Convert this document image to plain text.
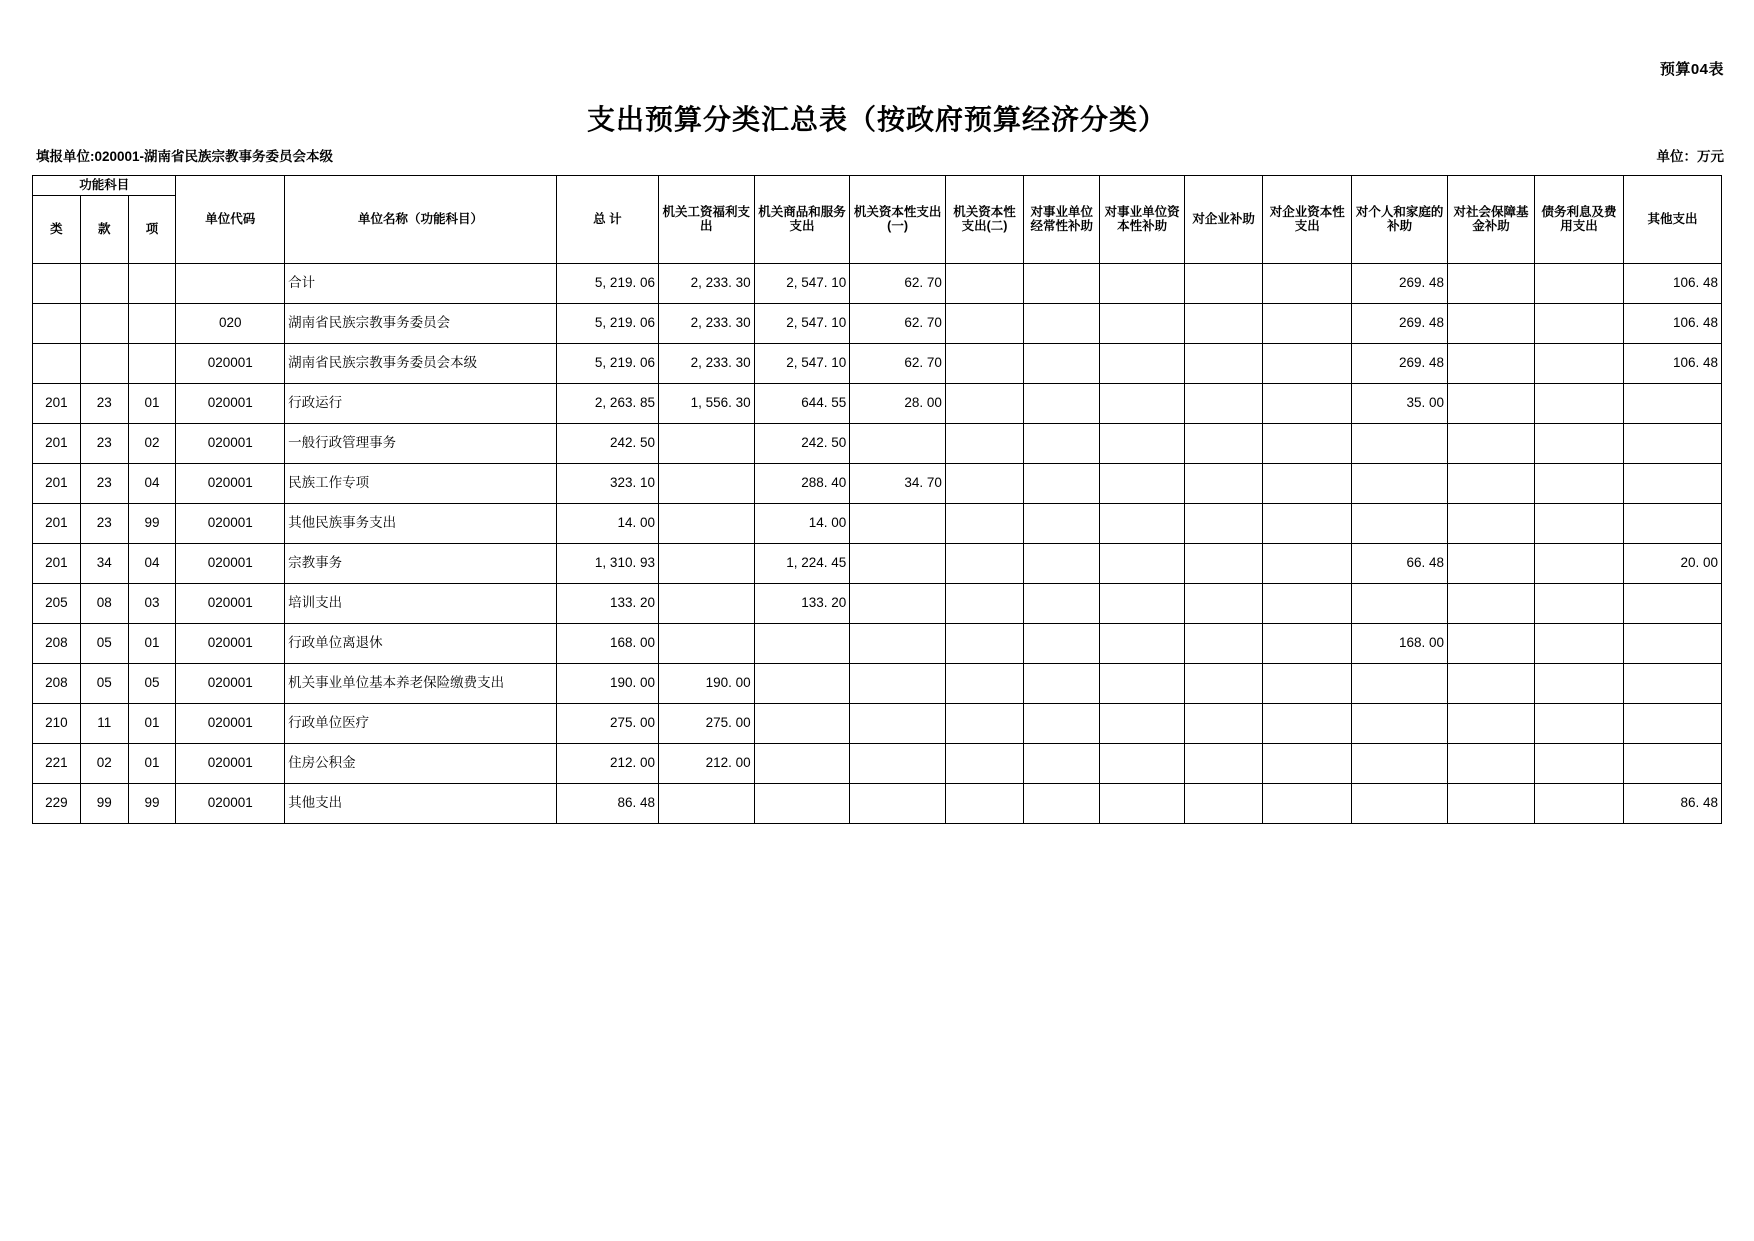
预算04表
支出预算分类汇总表（按政府预算经济分类）
填报单位:020001-湖南省民族宗教事务委员会本级	单位：万元
功能科目			单位代码	单位名称（功能科目）	总 计	机关工资福利支出	机关商品和服务支出	机关资本性支出(一)	机关资本性支出(二)	对事业单位经常性补助	对事业单位资本性补助	对企业补助	对企业资本性支出	对个人和家庭的补助	对社会保障基金补助	债务利息及费用支出	其他支出
类	款	项															
				合计	5, 219. 06	2, 233. 30	2, 547. 10	62. 70						269. 48			106. 48
			020	湖南省民族宗教事务委员会	5, 219. 06	2, 233. 30	2, 547. 10	62. 70						269. 48			106. 48
			020001	湖南省民族宗教事务委员会本级	5, 219. 06	2, 233. 30	2, 547. 10	62. 70						269. 48			106. 48
201	23	01	020001	行政运行	2, 263. 85	1, 556. 30	644. 55	28. 00						35. 00			
201	23	02	020001	一般行政管理事务	242. 50		242. 50										
201	23	04	020001	民族工作专项	323. 10		288. 40	34. 70									
201	23	99	020001	其他民族事务支出	14. 00		14. 00										
201	34	04	020001	宗教事务	1, 310. 93		1, 224. 45							66. 48			20. 00
205	08	03	020001	培训支出	133. 20		133. 20										
208	05	01	020001	行政单位离退休	168. 00									168. 00			
208	05	05	020001	机关事业单位基本养老保险缴费支出	190. 00	190. 00											
210	11	01	020001	行政单位医疗	275. 00	275. 00											
221	02	01	020001	住房公积金	212. 00	212. 00											
229	99	99	020001	其他支出	86. 48												86. 48
